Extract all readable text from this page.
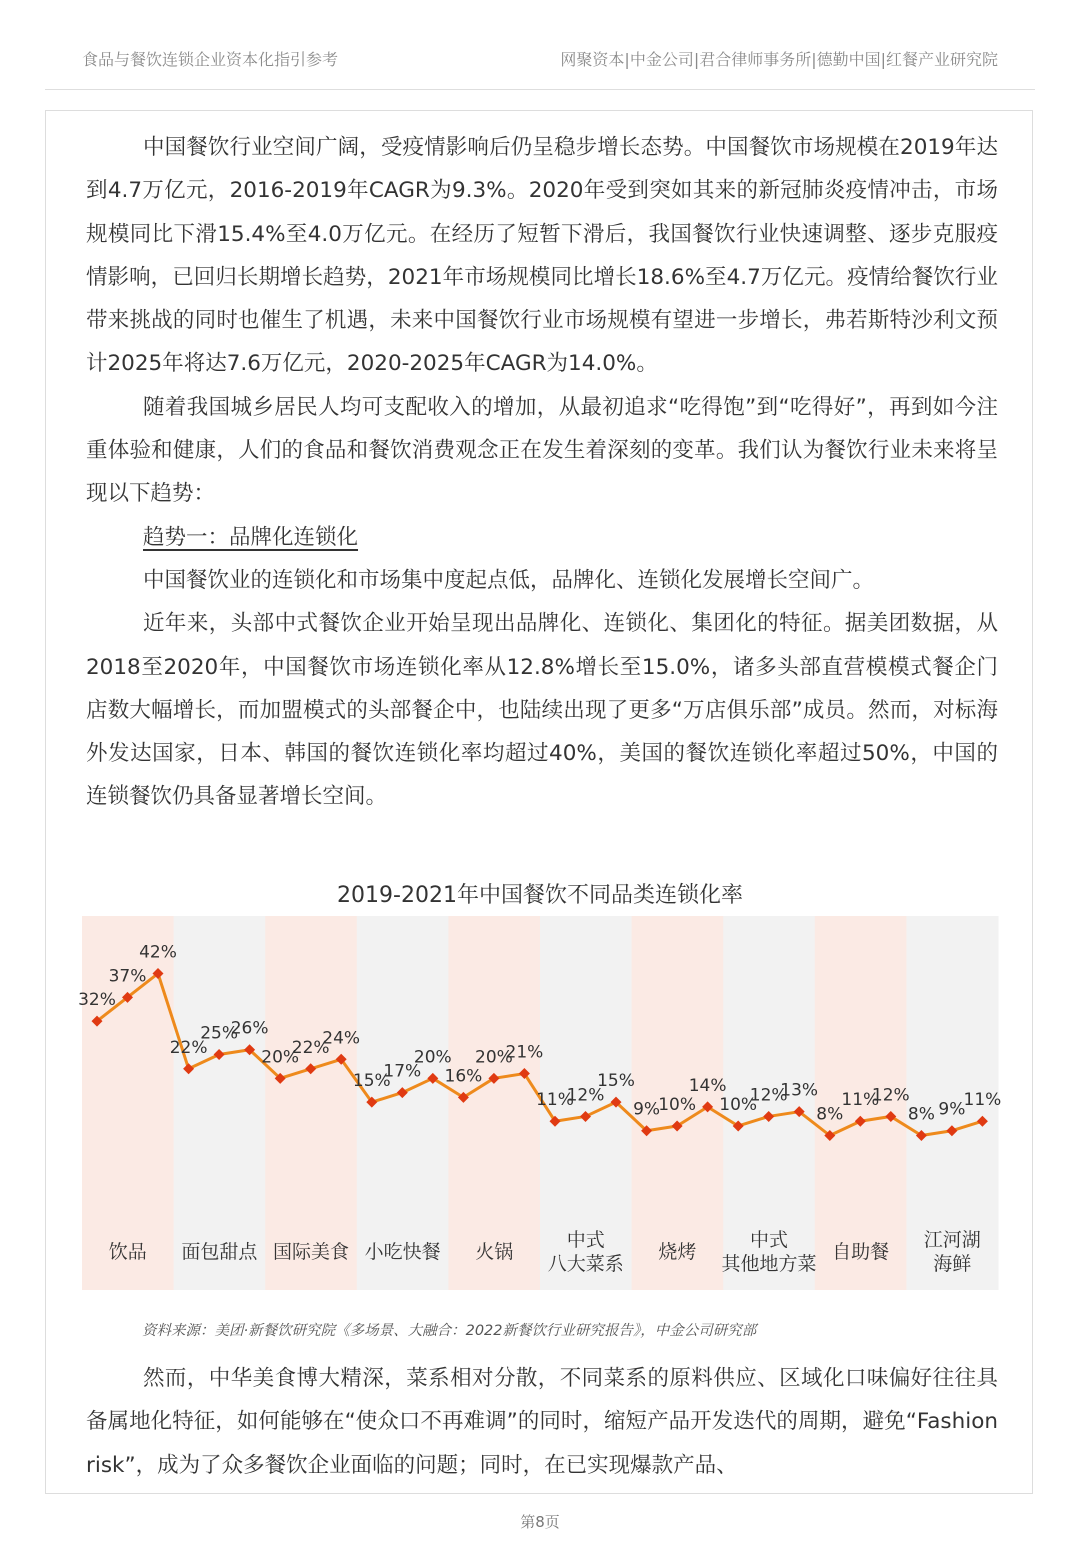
食品与餐饮连锁企业资本化指引参考	网聚资本|中金公司|君合律师事务所|德勤中国|红餐产业研究院

中国餐饮行业空间广阔，受疫情影响后仍呈稳步增长态势。中国餐饮市场规模在2019年达到4.7万亿元，2016-2019年CAGR为9.3%。2020年受到突如其来的新冠肺炎疫情冲击，市场规模同比下滑15.4%至4.0万亿元。在经历了短暂下滑后，我国餐饮行业快速调整、逐步克服疫情影响，已回归长期增长趋势，2021年市场规模同比增长18.6%至4.7万亿元。疫情给餐饮行业带来挑战的同时也催生了机遇，未来中国餐饮行业市场规模有望进一步增长，弗若斯特沙利文预计2025年将达7.6万亿元，2020-2025年CAGR为14.0%。

随着我国城乡居民人均可支配收入的增加，从最初追求“吃得饱”到“吃得好”，再到如今注重体验和健康，人们的食品和餐饮消费观念正在发生着深刻的变革。我们认为餐饮行业未来将呈现以下趋势：

趋势一：品牌化连锁化

中国餐饮业的连锁化和市场集中度起点低，品牌化、连锁化发展增长空间广。

近年来，头部中式餐饮企业开始呈现出品牌化、连锁化、集团化的特征。据美团数据，从2018至2020年，中国餐饮市场连锁化率从12.8%增长至15.0%，诸多头部直营模模式餐企门店数大幅增长，而加盟模式的头部餐企中，也陆续出现了更多“万店俱乐部”成员。然而，对标海外发达国家，日本、韩国的餐饮连锁化率均超过40%，美国的餐饮连锁化率超过50%，中国的连锁餐饮仍具备显著增长空间。

2019-2021年中国餐饮不同品类连锁化率
32%
37%
42%
22%
25%
26%
20%
22%
24%
15%
17%
20%
16%
20%
21%
11%
12%
15%
9%
10%
14%
10%
12%
13%
8%
11%
12%
8% 9%
11%
饮品 面包甜点 国际美食 小吃快餐 火锅
中式八大菜系
烧烤
中式其他地方菜
自助餐
江河湖海鲜
资料来源：美团·新餐饮研究院《多场景、大融合：2022新餐饮行业研究报告》，中金公司研究部

然而，中华美食博大精深，菜系相对分散，不同菜系的原料供应、区域化口味偏好往往具备属地化特征，如何能够在“使众口不再难调”的同时，缩短产品开发迭代的周期，避免“Fashion risk”，成为了众多餐饮企业面临的问题；同时，在已实现爆款产品、

第8页
